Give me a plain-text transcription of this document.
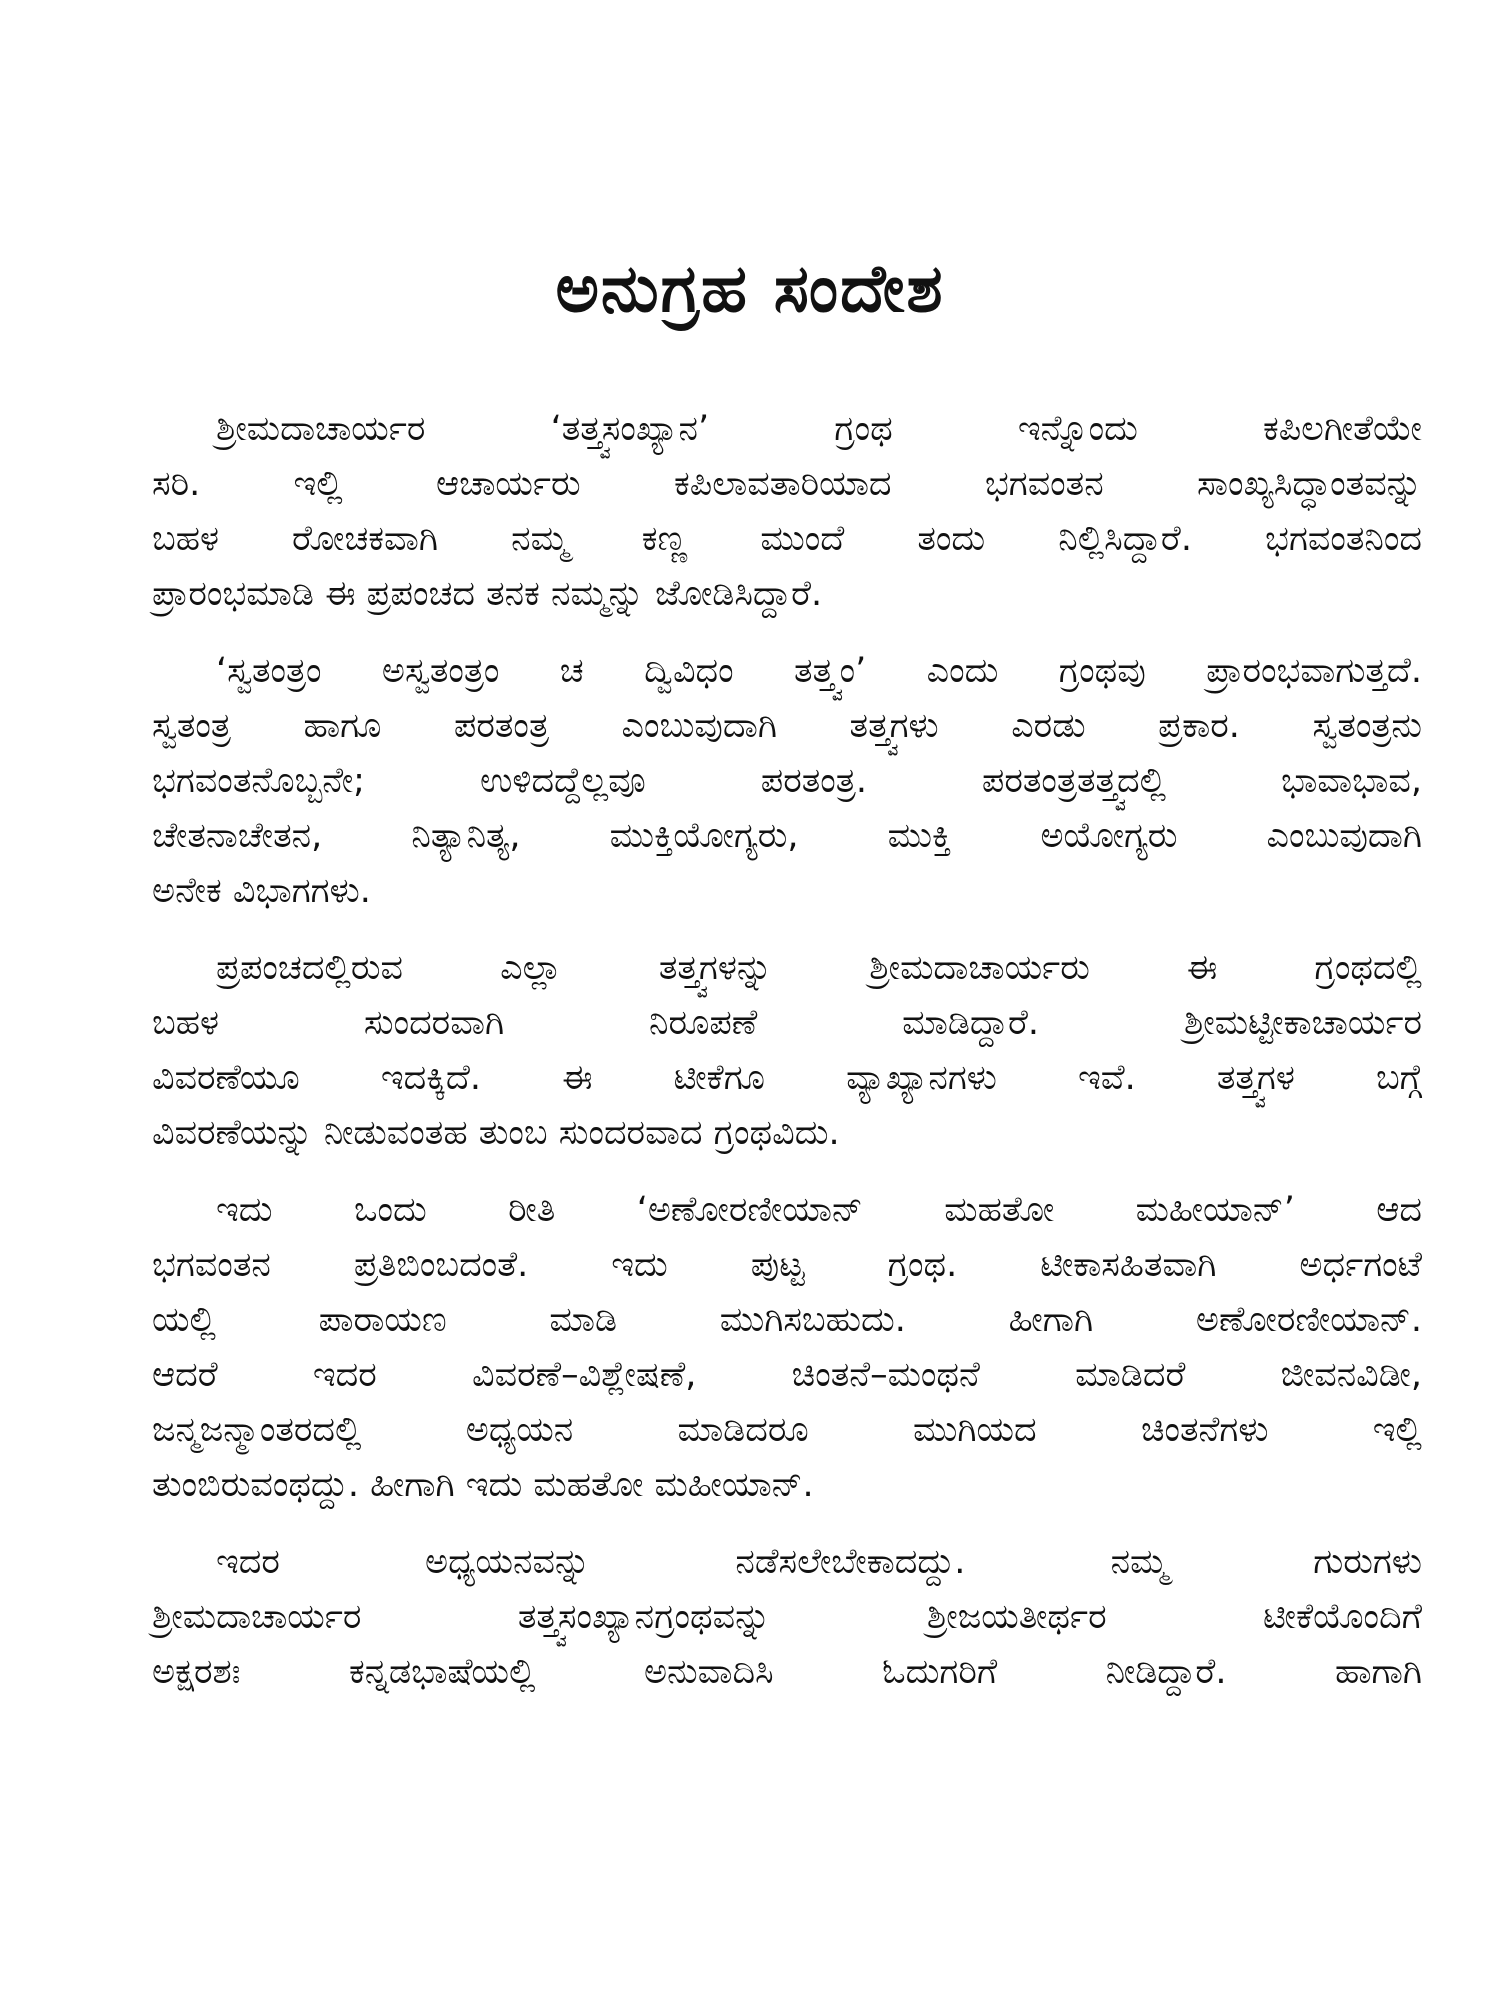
ಅನುಗ್ರಹ ಸಂದೇಶ

ಶ್ರೀಮದಾಚಾರ್ಯರ ‘ತತ್ತ್ವಸಂಖ್ಯಾನ’ ಗ್ರಂಥ ಇನ್ನೊಂದು ಕಪಿಲಗೀತೆಯೇ
ಸರಿ. ಇಲ್ಲಿ ಆಚಾರ್ಯರು ಕಪಿಲಾವತಾರಿಯಾದ ಭಗವಂತನ ಸಾಂಖ್ಯಸಿದ್ಧಾಂತವನ್ನು
ಬಹಳ ರೋಚಕವಾಗಿ ನಮ್ಮ ಕಣ್ಣ ಮುಂದೆ ತಂದು ನಿಲ್ಲಿಸಿದ್ದಾರೆ. ಭಗವಂತನಿಂದ
ಪ್ರಾರಂಭಮಾಡಿ ಈ ಪ್ರಪಂಚದ ತನಕ ನಮ್ಮನ್ನು ಜೋಡಿಸಿದ್ದಾರೆ.

‘ಸ್ವತಂತ್ರಂ ಅಸ್ವತಂತ್ರಂ ಚ ದ್ವಿವಿಧಂ ತತ್ತ್ವಂ’ ಎಂದು ಗ್ರಂಥವು ಪ್ರಾರಂಭವಾಗುತ್ತದೆ.
ಸ್ವತಂತ್ರ ಹಾಗೂ ಪರತಂತ್ರ ಎಂಬುವುದಾಗಿ ತತ್ತ್ವಗಳು ಎರಡು ಪ್ರಕಾರ. ಸ್ವತಂತ್ರನು
ಭಗವಂತನೊಬ್ಬನೇ; ಉಳಿದದ್ದೆಲ್ಲವೂ ಪರತಂತ್ರ. ಪರತಂತ್ರತತ್ತ್ವದಲ್ಲಿ ಭಾವಾಭಾವ,
ಚೇತನಾಚೇತನ, ನಿತ್ಯಾನಿತ್ಯ, ಮುಕ್ತಿಯೋಗ್ಯರು, ಮುಕ್ತಿ ಅಯೋಗ್ಯರು ಎಂಬುವುದಾಗಿ
ಅನೇಕ ವಿಭಾಗಗಳು.

ಪ್ರಪಂಚದಲ್ಲಿರುವ ಎಲ್ಲಾ ತತ್ತ್ವಗಳನ್ನು ಶ್ರೀಮದಾಚಾರ್ಯರು ಈ ಗ್ರಂಥದಲ್ಲಿ
ಬಹಳ ಸುಂದರವಾಗಿ ನಿರೂಪಣೆ ಮಾಡಿದ್ದಾರೆ. ಶ್ರೀಮಟ್ಟೀಕಾಚಾರ್ಯರ
ವಿವರಣೆಯೂ ಇದಕ್ಕಿದೆ. ಈ ಟೀಕೆಗೂ ವ್ಯಾಖ್ಯಾನಗಳು ಇವೆ. ತತ್ತ್ವಗಳ ಬಗ್ಗೆ
ವಿವರಣೆಯನ್ನು ನೀಡುವಂತಹ ತುಂಬ ಸುಂದರವಾದ ಗ್ರಂಥವಿದು.

ಇದು ಒಂದು ರೀತಿ ‘ಅಣೋರಣೀಯಾನ್ ಮಹತೋ ಮಹೀಯಾನ್’ ಆದ
ಭಗವಂತನ ಪ್ರತಿಬಿಂಬದಂತೆ. ಇದು ಪುಟ್ಟ ಗ್ರಂಥ. ಟೀಕಾಸಹಿತವಾಗಿ ಅರ್ಧಗಂಟೆ
ಯಲ್ಲಿ ಪಾರಾಯಣ ಮಾಡಿ ಮುಗಿಸಬಹುದು. ಹೀಗಾಗಿ ಅಣೋರಣೀಯಾನ್.
ಆದರೆ ಇದರ ವಿವರಣೆ–ವಿಶ್ಲೇಷಣೆ, ಚಿಂತನೆ–ಮಂಥನೆ ಮಾಡಿದರೆ ಜೀವನವಿಡೀ,
ಜನ್ಮಜನ್ಮಾಂತರದಲ್ಲಿ ಅಧ್ಯಯನ ಮಾಡಿದರೂ ಮುಗಿಯದ ಚಿಂತನೆಗಳು ಇಲ್ಲಿ
ತುಂಬಿರುವಂಥದ್ದು. ಹೀಗಾಗಿ ಇದು ಮಹತೋ ಮಹೀಯಾನ್.

ಇದರ ಅಧ್ಯಯನವನ್ನು ನಡೆಸಲೇಬೇಕಾದದ್ದು. ನಮ್ಮ ಗುರುಗಳು
ಶ್ರೀಮದಾಚಾರ್ಯರ ತತ್ತ್ವಸಂಖ್ಯಾನಗ್ರಂಥವನ್ನು ಶ್ರೀಜಯತೀರ್ಥರ ಟೀಕೆಯೊಂದಿಗೆ
ಅಕ್ಷರಶಃ ಕನ್ನಡಭಾಷೆಯಲ್ಲಿ ಅನುವಾದಿಸಿ ಓದುಗರಿಗೆ ನೀಡಿದ್ದಾರೆ. ಹಾಗಾಗಿ
